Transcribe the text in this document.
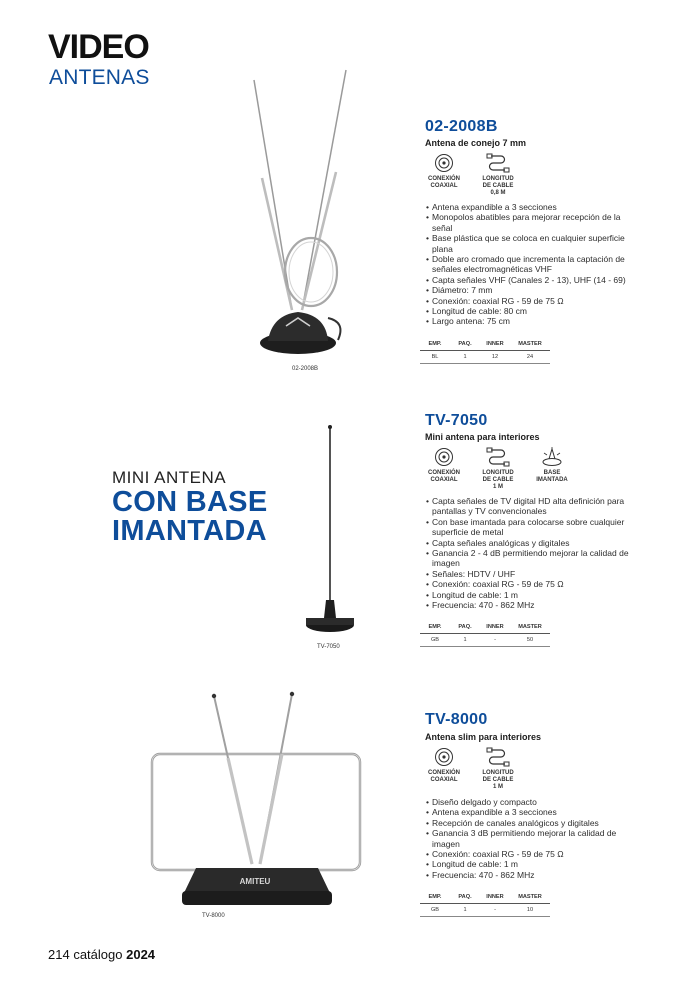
VIDEO
ANTENAS
02-2008B
02-2008B
Antena de conejo 7 mm
CONEXIÓN
COAXIAL
LONGITUD
DE CABLE
0,8 M
• Antena expandible a 3 secciones
• Monopolos abatibles para mejorar recepción de la señal
• Base plástica que se coloca en cualquier superficie plana
• Doble aro cromado que incrementa la captación de señales electromagnéticas VHF
• Capta señales VHF (Canales 2 - 13), UHF (14 - 69)
• Diámetro: 7 mm
• Conexión: coaxial RG - 59 de 75 Ω
• Longitud de cable: 80 cm
• Largo antena: 75 cm
EMP.	PAQ.	INNER	MASTER
BL	1	12	24
MINI ANTENA
CON BASE
IMANTADA
TV-7050
TV-7050
Mini antena para interiores
CONEXIÓN
COAXIAL
LONGITUD
DE CABLE
1 M
BASE
IMANTADA
• Capta señales de TV digital HD alta definición para pantallas y TV convencionales
• Con base imantada para colocarse sobre cualquier superficie de metal
• Capta señales analógicas y digitales
• Ganancia 2 - 4 dB permitiendo mejorar la calidad de imagen
• Señales: HDTV / UHF
• Conexión: coaxial RG - 59 de 75 Ω
• Longitud de cable: 1 m
• Frecuencia: 470 - 862 MHz
EMP.	PAQ.	INNER	MASTER
GB	1	-	50
AMITEU
TV-8000
TV-8000
Antena slim para interiores
CONEXIÓN
COAXIAL
LONGITUD
DE CABLE
1 M
• Diseño delgado y compacto
• Antena expandible a 3 secciones
• Recepción de canales analógicos y digitales
• Ganancia 3 dB permitiendo mejorar la calidad de imagen
• Conexión: coaxial RG - 59 de 75 Ω
• Longitud de cable: 1 m
• Frecuencia: 470 - 862 MHz
EMP.	PAQ.	INNER	MASTER
GB	1	-	10
214 catálogo 2024
